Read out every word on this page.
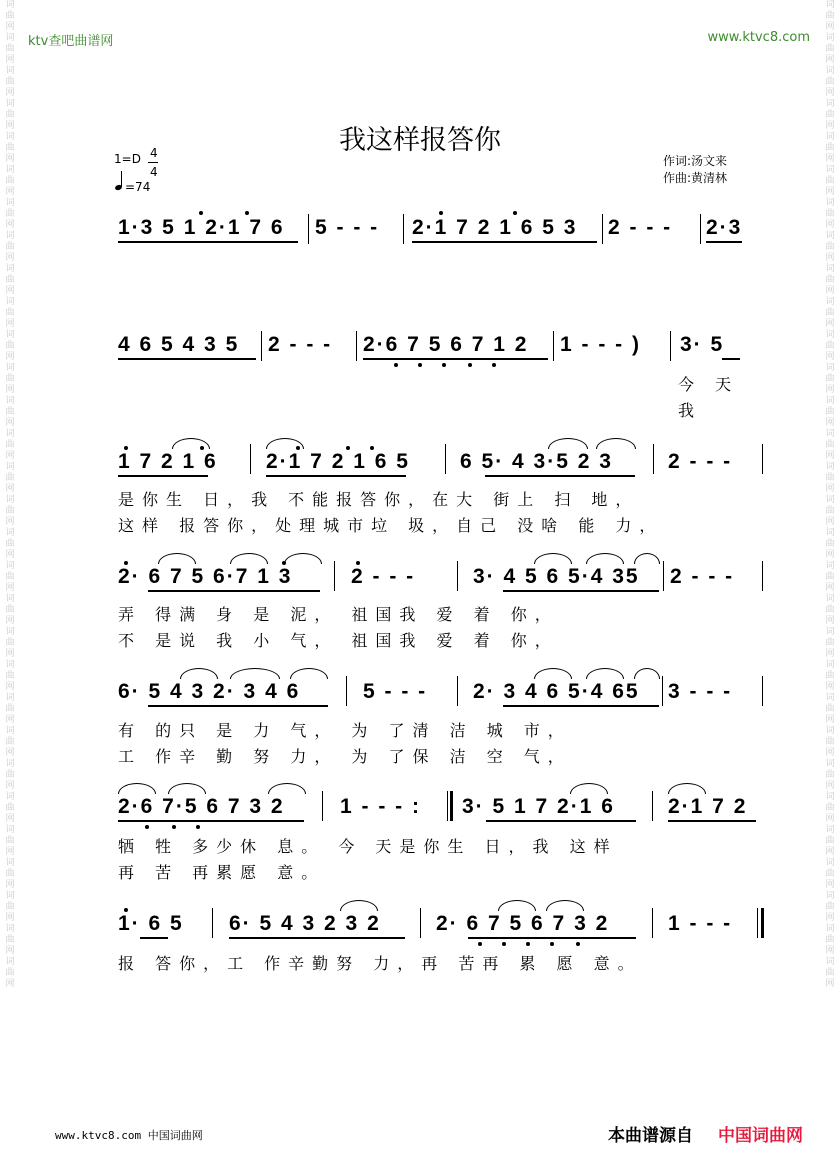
词曲网词曲网词曲网词曲网词曲网词曲网词曲网词曲网词曲网词曲网词曲网词曲网词曲网词曲网词曲网词曲网词曲网词曲网词曲网词曲网词曲网词曲网词曲网词曲网词曲网词曲网词曲网词曲网词曲网词曲网
词曲网词曲网词曲网词曲网词曲网词曲网词曲网词曲网词曲网词曲网词曲网词曲网词曲网词曲网词曲网词曲网词曲网词曲网词曲网词曲网词曲网词曲网词曲网词曲网词曲网词曲网词曲网词曲网词曲网词曲网
ktv查吧曲谱网	www.ktvc8.com
我这样报答你
1=D 4
4
=74
作词:汤文来
作曲:黄清林
1·3 5 1 2·1 7 6 5 - - - 2·1 7 2 1 6 5 3 2 - - - 2·3
4 6 5 4 3 5 2 - - - 2·6 7 5 6 7 1 2 1 - - - ) 3· 5
今 天
我
1 7 2 1 6 2·1 7 2 1 6 5 6 5· 4 3·5 2 3	2 - - -
是你生 日，我 不能报答你，在大 街上 扫 地，
这样 报答你，处理城市垃 圾，自己 没啥 能 力，
2· 6 7 5 6·7 1 3	2 - - -	3· 4 5 6 5·4 35 2 - - -
弄 得满 身 是 泥， 祖国我 爱 着 你，
不 是说 我 小 气， 祖国我 爱 着 你，
6· 5 4 3 2· 3 4 6	5 - - - 2· 3 4 6 5·4 65 3 - - -
有 的只 是 力 气， 为 了清 洁 城 市，
工 作辛 勤 努 力， 为 了保 洁 空 气，
2·6 7·5 6 7 3 2	1 - - - : 3· 5 1 7 2·1 6	2·1 7 2
牺 牲 多少休 息。 今 天是你生 日，我 这样
再 苦 再累愿 意。
1· 6 5 6· 5 4 3 2 3 2	2· 6 7 5 6 7 3 2	1 - - -
报 答你，工 作辛勤努 力，再 苦再 累 愿 意。
www.ktvc8.com 中国词曲网	本曲谱源自 中国词曲网
